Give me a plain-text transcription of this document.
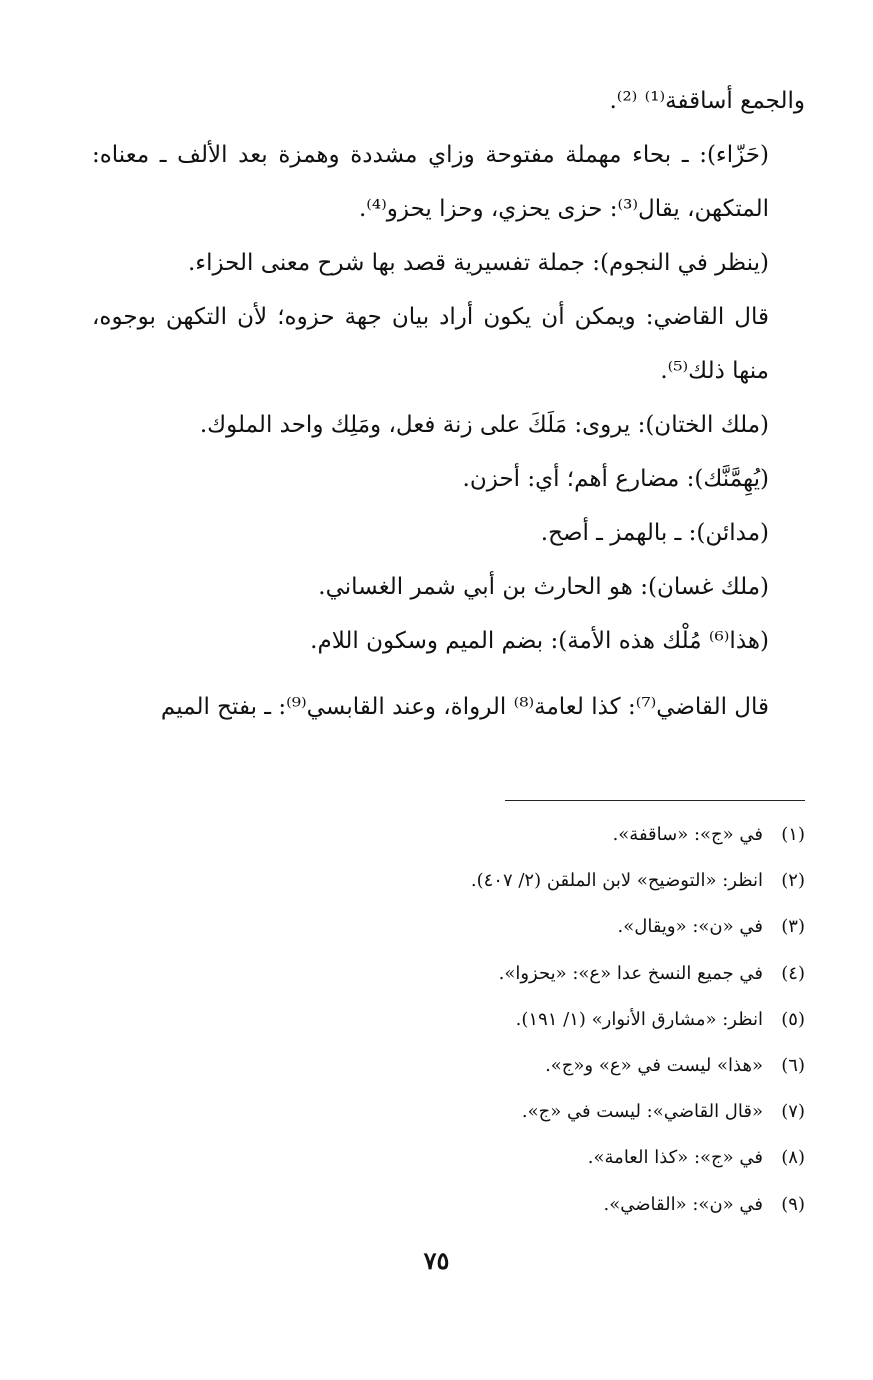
والجمع أساقفة⁽¹⁾ ⁽²⁾.

(حَزّاء): ـ بحاء مهملة مفتوحة وزاي مشددة وهمزة بعد الألف ـ معناه: المتكهن، يقال⁽³⁾: حزى يحزي، وحزا يحزو⁽⁴⁾.

(ينظر في النجوم): جملة تفسيرية قصد بها شرح معنى الحزاء.

قال القاضي: ويمكن أن يكون أراد بيان جهة حزوه؛ لأن التكهن بوجوه، منها ذلك⁽⁵⁾.

(ملك الختان): يروى: مَلَكَ على زنة فعل، ومَلِك واحد الملوك.

(يُهِمَّنَّك): مضارع أهم؛ أي: أحزن.

(مدائن): ـ بالهمز ـ أصح.

(ملك غسان): هو الحارث بن أبي شمر الغساني.

(هذا⁽⁶⁾ مُلْك هذه الأمة): بضم الميم وسكون اللام.

قال القاضي⁽⁷⁾: كذا لعامة⁽⁸⁾ الرواة، وعند القابسي⁽⁹⁾: ـ بفتح الميم

(١)في «ج»: «ساقفة».

(٢)انظر: «التوضيح» لابن الملقن (٢/ ٤٠٧).

(٣)في «ن»: «ويقال».

(٤)في جميع النسخ عدا «ع»: «يحزوا».

(٥)انظر: «مشارق الأنوار» (١/ ١٩١).

(٦)«هذا» ليست في «ع» و«ج».

(٧)«قال القاضي»: ليست في «ج».

(٨)في «ج»: «كذا العامة».

(٩)في «ن»: «القاضي».

٧٥
